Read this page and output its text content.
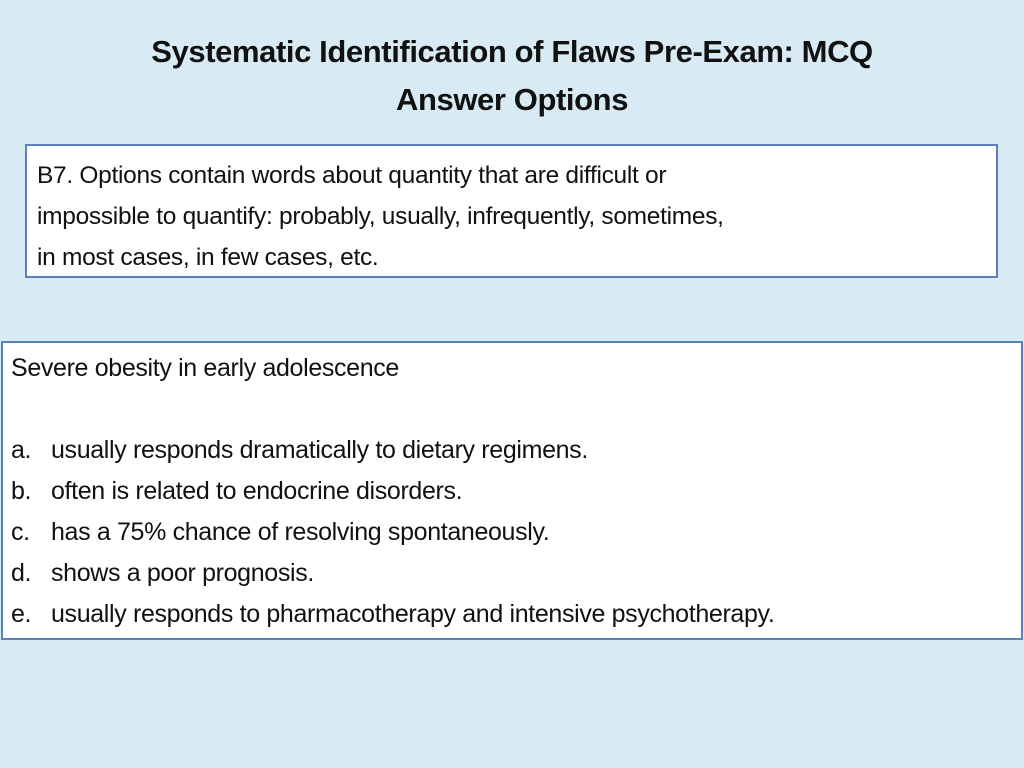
Systematic Identification of Flaws Pre-Exam: MCQ
Answer Options
B7. Options contain words about quantity that are difficult or
impossible to quantify: probably, usually, infrequently, sometimes,
in most cases, in few cases, etc.

Severe obesity in early adolescence

a. usually responds dramatically to dietary regimens.
b. often is related to endocrine disorders.
c. has a 75% chance of resolving spontaneously.
d. shows a poor prognosis.
e. usually responds to pharmacotherapy and intensive psychotherapy.
